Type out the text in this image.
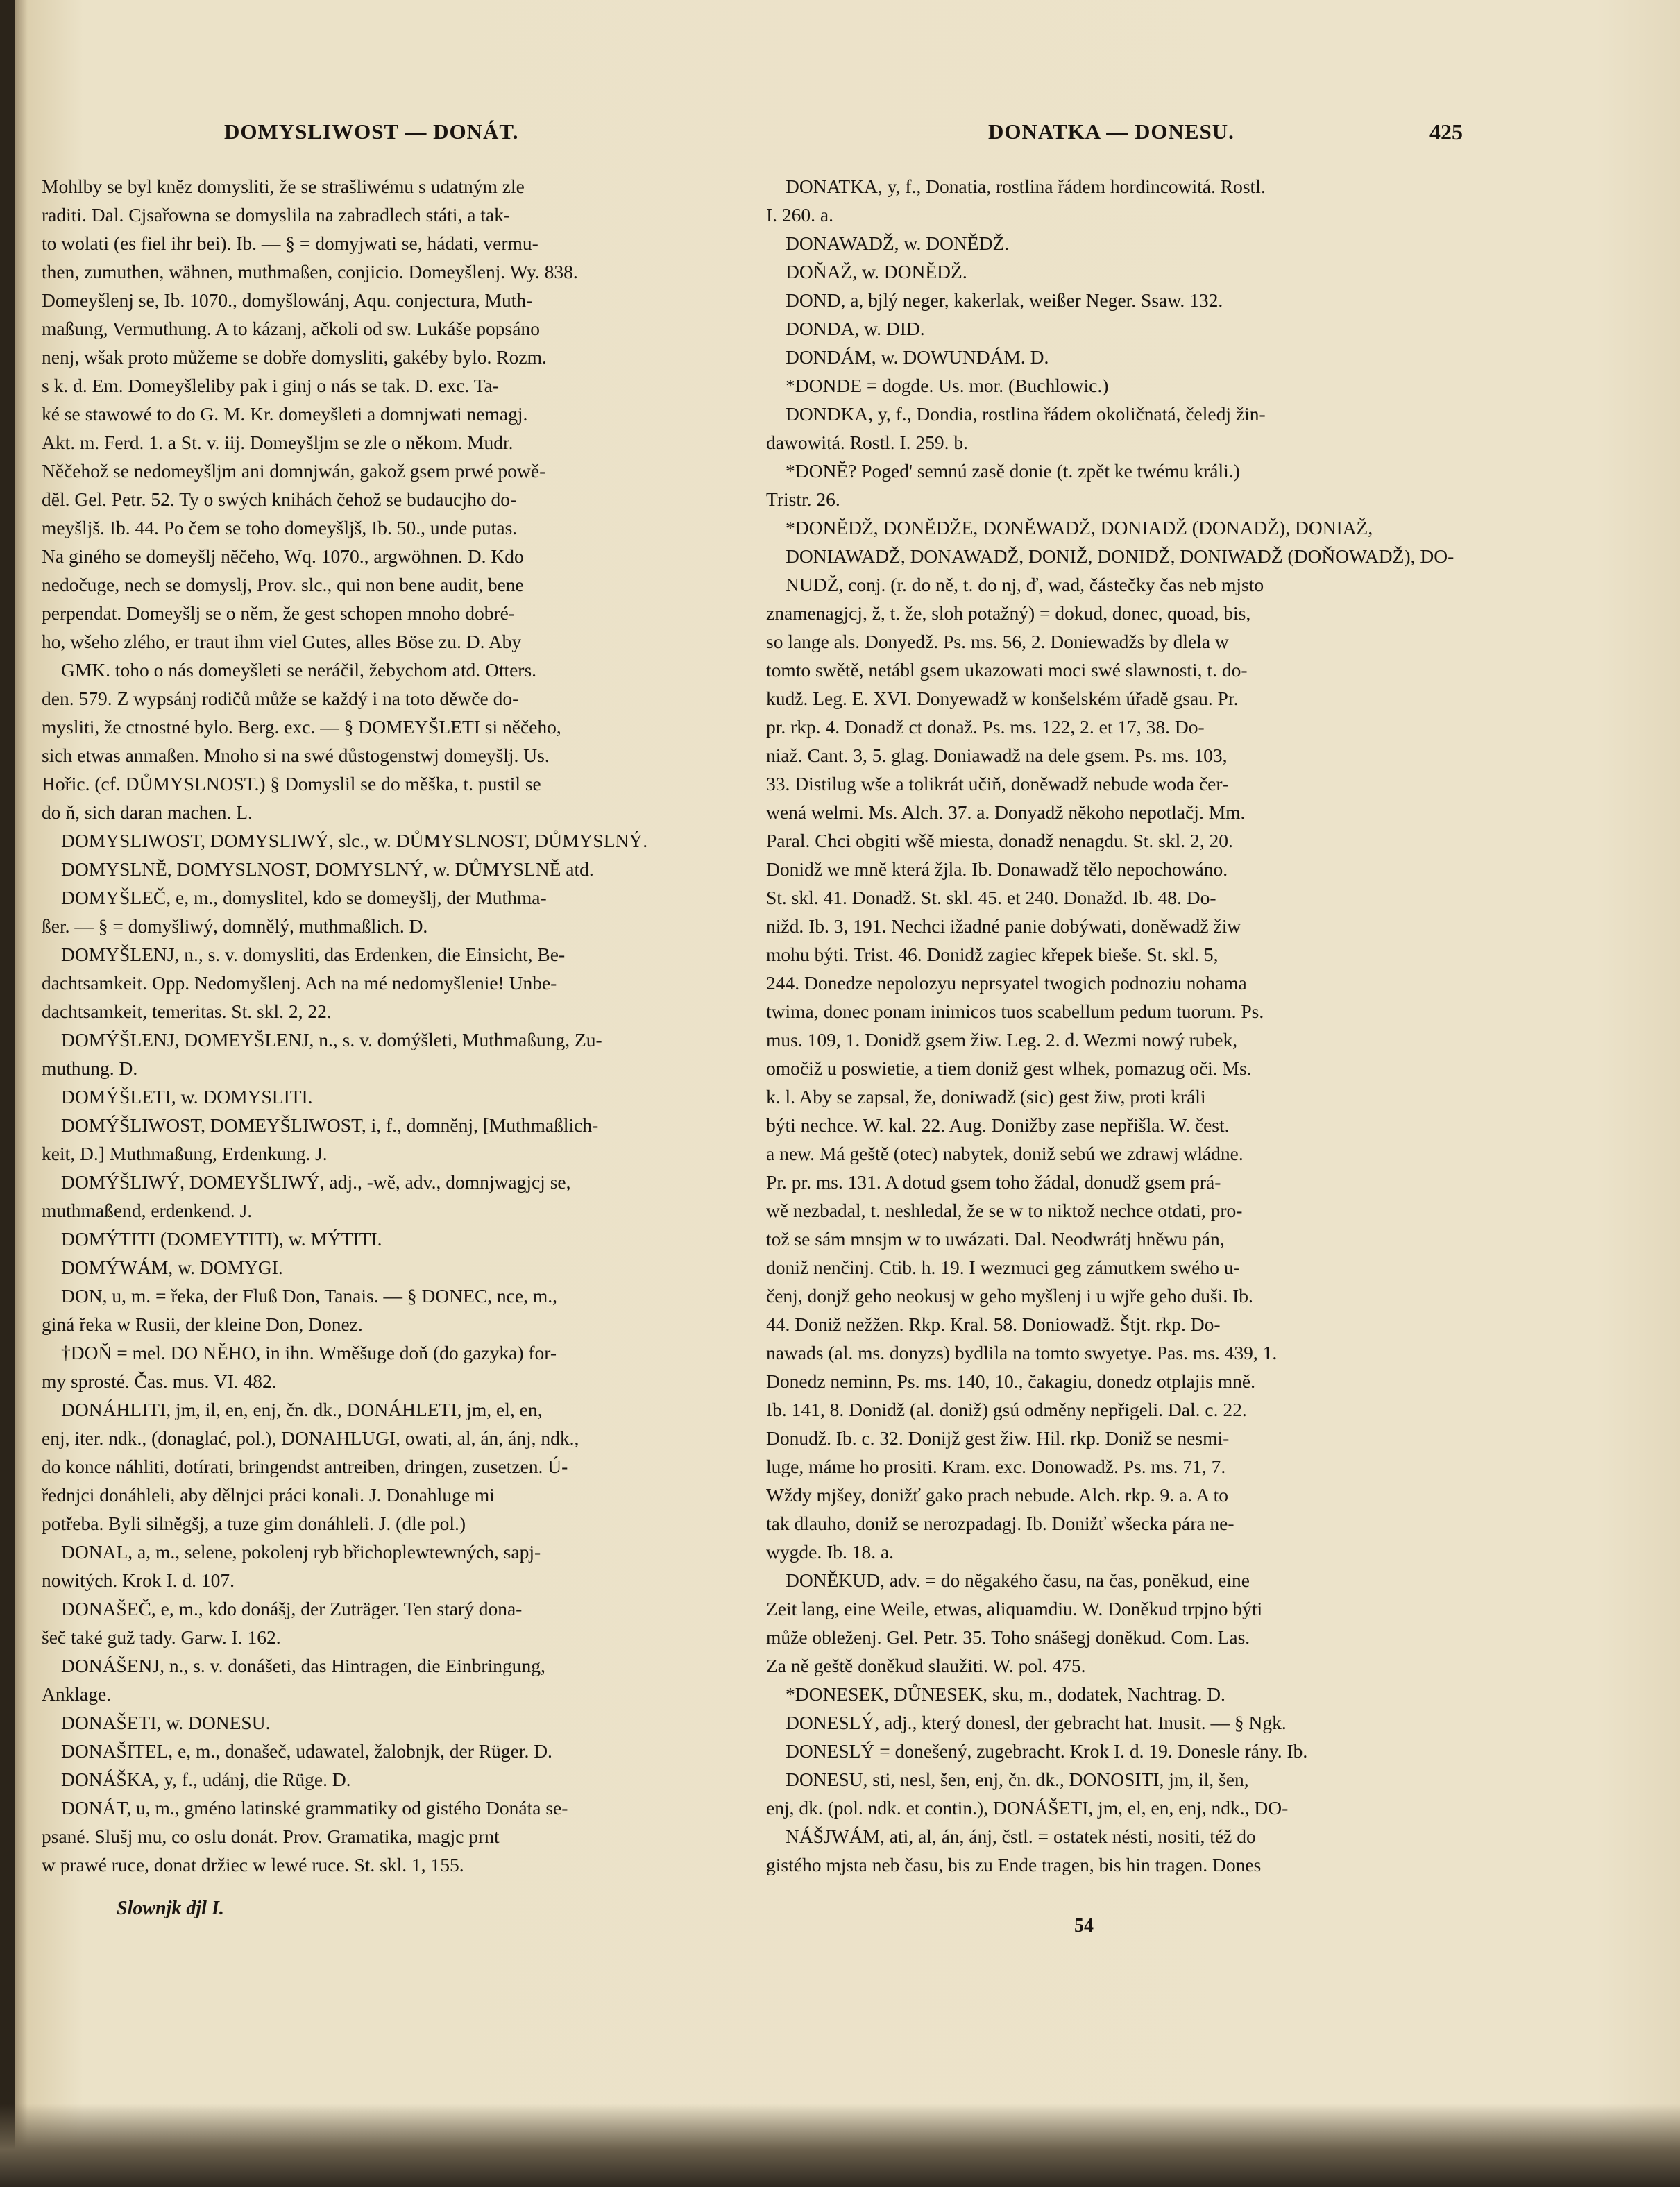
DOMYSLIWOST — DONÁT.	DONATKA — DONESU.	425
Mohlby se byl kněz domysliti, že se strašliwému s udatným zle
raditi. Dal. Cjsařowna se domyslila na zabradlech státi, a tak-
to wolati (es fiel ihr bei). Ib. — § = domyjwati se, hádati, vermu-
then, zumuthen, wähnen, muthmaßen, conjicio. Domeyšlenj. Wy. 838.
Domeyšlenj se, Ib. 1070., domyšlowánj, Aqu. conjectura, Muth-
maßung, Vermuthung. A to kázanj, ačkoli od sw. Lukáše popsáno
nenj, wšak proto můžeme se dobře domysliti, gakéby bylo. Rozm.
s k. d. Em. Domeyšleliby pak i ginj o nás se tak. D. exc. Ta-
ké se stawowé to do G. M. Kr. domeyšleti a domnjwati nemagj.
Akt. m. Ferd. 1. a St. v. iij. Domeyšljm se zle o někom. Mudr.
Něčehož se nedomeyšljm ani domnjwán, gakož gsem prwé powě-
děl. Gel. Petr. 52. Ty o swých knihách čehož se budaucjho do-
meyšljš. Ib. 44. Po čem se toho domeyšljš, Ib. 50., unde putas.
Na giného se domeyšlj něčeho, Wq. 1070., argwöhnen. D. Kdo
nedočuge, nech se domyslj, Prov. slc., qui non bene audit, bene
perpendat. Domeyšlj se o něm, že gest schopen mnoho dobré-
ho, wšeho zlého, er traut ihm viel Gutes, alles Böse zu. D. Aby
GMK. toho o nás domeyšleti se neráčil, žebychom atd. Otters.
den. 579. Z wypsánj rodičů může se každý i na toto děwče do-
mysliti, že ctnostné bylo. Berg. exc. — § DOMEYŠLETI si něčeho,
sich etwas anmaßen. Mnoho si na swé důstogenstwj domeyšlj. Us.
Hořic. (cf. DŮMYSLNOST.) § Domyslil se do měška, t. pustil se
do ň, sich daran machen. L.
DOMYSLIWOST, DOMYSLIWÝ, slc., w. DŮMYSLNOST, DŮMYSLNÝ.
DOMYSLNĚ, DOMYSLNOST, DOMYSLNÝ, w. DŮMYSLNĚ atd.
DOMYŠLEČ, e, m., domyslitel, kdo se domeyšlj, der Muthma-
ßer. — § = domyšliwý, domnělý, muthmaßlich. D.
DOMYŠLENJ, n., s. v. domysliti, das Erdenken, die Einsicht, Be-
dachtsamkeit. Opp. Nedomyšlenj. Ach na mé nedomyšlenie! Unbe-
dachtsamkeit, temeritas. St. skl. 2, 22.
DOMÝŠLENJ, DOMEYŠLENJ, n., s. v. domýšleti, Muthmaßung, Zu-
muthung. D.
DOMÝŠLETI, w. DOMYSLITI.
DOMÝŠLIWOST, DOMEYŠLIWOST, i, f., domněnj, [Muthmaßlich-
keit, D.] Muthmaßung, Erdenkung. J.
DOMÝŠLIWÝ, DOMEYŠLIWÝ, adj., -wě, adv., domnjwagjcj se,
muthmaßend, erdenkend. J.
DOMÝTITI (DOMEYTITI), w. MÝTITI.
DOMÝWÁM, w. DOMYGI.
DON, u, m. = řeka, der Fluß Don, Tanais. — § DONEC, nce, m.,
giná řeka w Rusii, der kleine Don, Donez.
†DOŇ = mel. DO NĚHO, in ihn. Wměšuge doň (do gazyka) for-
my sprosté. Čas. mus. VI. 482.
DONÁHLITI, jm, il, en, enj, čn. dk., DONÁHLETI, jm, el, en,
enj, iter. ndk., (donaglać, pol.), DONAHLUGI, owati, al, án, ánj, ndk.,
do konce náhliti, dotírati, bringendst antreiben, dringen, zusetzen. Ú-
řednjci donáhleli, aby dělnjci práci konali. J. Donahluge mi
potřeba. Byli silněgšj, a tuze gim donáhleli. J. (dle pol.)
DONAL, a, m., selene, pokolenj ryb břichoplewtewných, sapj-
nowitých. Krok I. d. 107.
DONAŠEČ, e, m., kdo donášj, der Zuträger. Ten starý dona-
šeč také guž tady. Garw. I. 162.
DONÁŠENJ, n., s. v. donášeti, das Hintragen, die Einbringung,
Anklage.
DONAŠETI, w. DONESU.
DONAŠITEL, e, m., donašeč, udawatel, žalobnjk, der Rüger. D.
DONÁŠKA, y, f., udánj, die Rüge. D.
DONÁT, u, m., gméno latinské grammatiky od gistého Donáta se-
psané. Slušj mu, co oslu donát. Prov. Gramatika, magjc prnt
w prawé ruce, donat držiec w lewé ruce. St. skl. 1, 155.
DONATKA, y, f., Donatia, rostlina řádem hordincowitá. Rostl.
I. 260. a.
DONAWADŽ, w. DONĚDŽ.
DOŇAŽ, w. DONĚDŽ.
DOND, a, bjlý neger, kakerlak, weißer Neger. Ssaw. 132.
DONDA, w. DID.
DONDÁM, w. DOWUNDÁM. D.
*DONDE = dogde. Us. mor. (Buchlowic.)
DONDKA, y, f., Dondia, rostlina řádem okoličnatá, čeledj žin-
dawowitá. Rostl. I. 259. b.
*DONĚ? Poged' semnú zasě donie (t. zpět ke twému králi.)
Tristr. 26.
*DONĚDŽ, DONĚDŽE, DONĚWADŽ, DONIADŽ (DONADŽ), DONIAŽ,
DONIAWADŽ, DONAWADŽ, DONIŽ, DONIDŽ, DONIWADŽ (DOŇOWADŽ), DO-
NUDŽ, conj. (r. do ně, t. do nj, ď, wad, částečky čas neb mjsto
znamenagjcj, ž, t. že, sloh potažný) = dokud, donec, quoad, bis,
so lange als. Donyedž. Ps. ms. 56, 2. Doniewadžs by dlela w
tomto swětě, netábl gsem ukazowati moci swé slawnosti, t. do-
kudž. Leg. E. XVI. Donyewadž w konšelském úřadě gsau. Pr.
pr. rkp. 4. Donadž ct donaž. Ps. ms. 122, 2. et 17, 38. Do-
niaž. Cant. 3, 5. glag. Doniawadž na dele gsem. Ps. ms. 103,
33. Distilug wše a tolikrát učiň, doněwadž nebude woda čer-
wená welmi. Ms. Alch. 37. a. Donyadž někoho nepotlačj. Mm.
Paral. Chci obgiti wšě miesta, donadž nenagdu. St. skl. 2, 20.
Donidž we mně která žjla. Ib. Donawadž tělo nepochowáno.
St. skl. 41. Donadž. St. skl. 45. et 240. Donažd. Ib. 48. Do-
nižd. Ib. 3, 191. Nechci ižadné panie dobýwati, doněwadž žiw
mohu býti. Trist. 46. Donidž zagiec křepek bieše. St. skl. 5,
244. Donedze nepolozyu neprsyatel twogich podnoziu nohama
twima, donec ponam inimicos tuos scabellum pedum tuorum. Ps.
mus. 109, 1. Donidž gsem žiw. Leg. 2. d. Wezmi nowý rubek,
omočiž u poswietie, a tiem doniž gest wlhek, pomazug oči. Ms.
k. l. Aby se zapsal, že, doniwadž (sic) gest žiw, proti králi
býti nechce. W. kal. 22. Aug. Donižby zase nepřišla. W. čest.
a new. Má geště (otec) nabytek, doniž sebú we zdrawj wládne.
Pr. pr. ms. 131. A dotud gsem toho žádal, donudž gsem prá-
wě nezbadal, t. neshledal, že se w to niktož nechce otdati, pro-
tož se sám mnsjm w to uwázati. Dal. Neodwrátj hněwu pán,
doniž nenčinj. Ctib. h. 19. I wezmuci geg zámutkem swého u-
čenj, donjž geho neokusj w geho myšlenj i u wjře geho duši. Ib.
44. Doniž nežžen. Rkp. Kral. 58. Doniowadž. Štjt. rkp. Do-
nawads (al. ms. donyzs) bydlila na tomto swyetye. Pas. ms. 439, 1.
Donedz neminn, Ps. ms. 140, 10., čakagiu, donedz otplajis mně.
Ib. 141, 8. Donidž (al. doniž) gsú odměny nepřigeli. Dal. c. 22.
Donudž. Ib. c. 32. Donijž gest žiw. Hil. rkp. Doniž se nesmi-
luge, máme ho prositi. Kram. exc. Donowadž. Ps. ms. 71, 7.
Wždy mjšey, donižť gako prach nebude. Alch. rkp. 9. a. A to
tak dlauho, doniž se nerozpadagj. Ib. Donižť wšecka pára ne-
wygde. Ib. 18. a.
DONĚKUD, adv. = do něgakého času, na čas, poněkud, eine
Zeit lang, eine Weile, etwas, aliquamdiu. W. Doněkud trpjno býti
může obleženj. Gel. Petr. 35. Toho snášegj doněkud. Com. Las.
Za ně geště doněkud slaužiti. W. pol. 475.
*DONESEK, DŮNESEK, sku, m., dodatek, Nachtrag. D.
DONESLÝ, adj., který donesl, der gebracht hat. Inusit. — § Ngk.
DONESLÝ = donešený, zugebracht. Krok I. d. 19. Donesle rány. Ib.
DONESU, sti, nesl, šen, enj, čn. dk., DONOSITI, jm, il, šen,
enj, dk. (pol. ndk. et contin.), DONÁŠETI, jm, el, en, enj, ndk., DO-
NÁŠJWÁM, ati, al, án, ánj, čstl. = ostatek nésti, nositi, též do
gistého mjsta neb času, bis zu Ende tragen, bis hin tragen. Dones
Slownjk djl I.
54
